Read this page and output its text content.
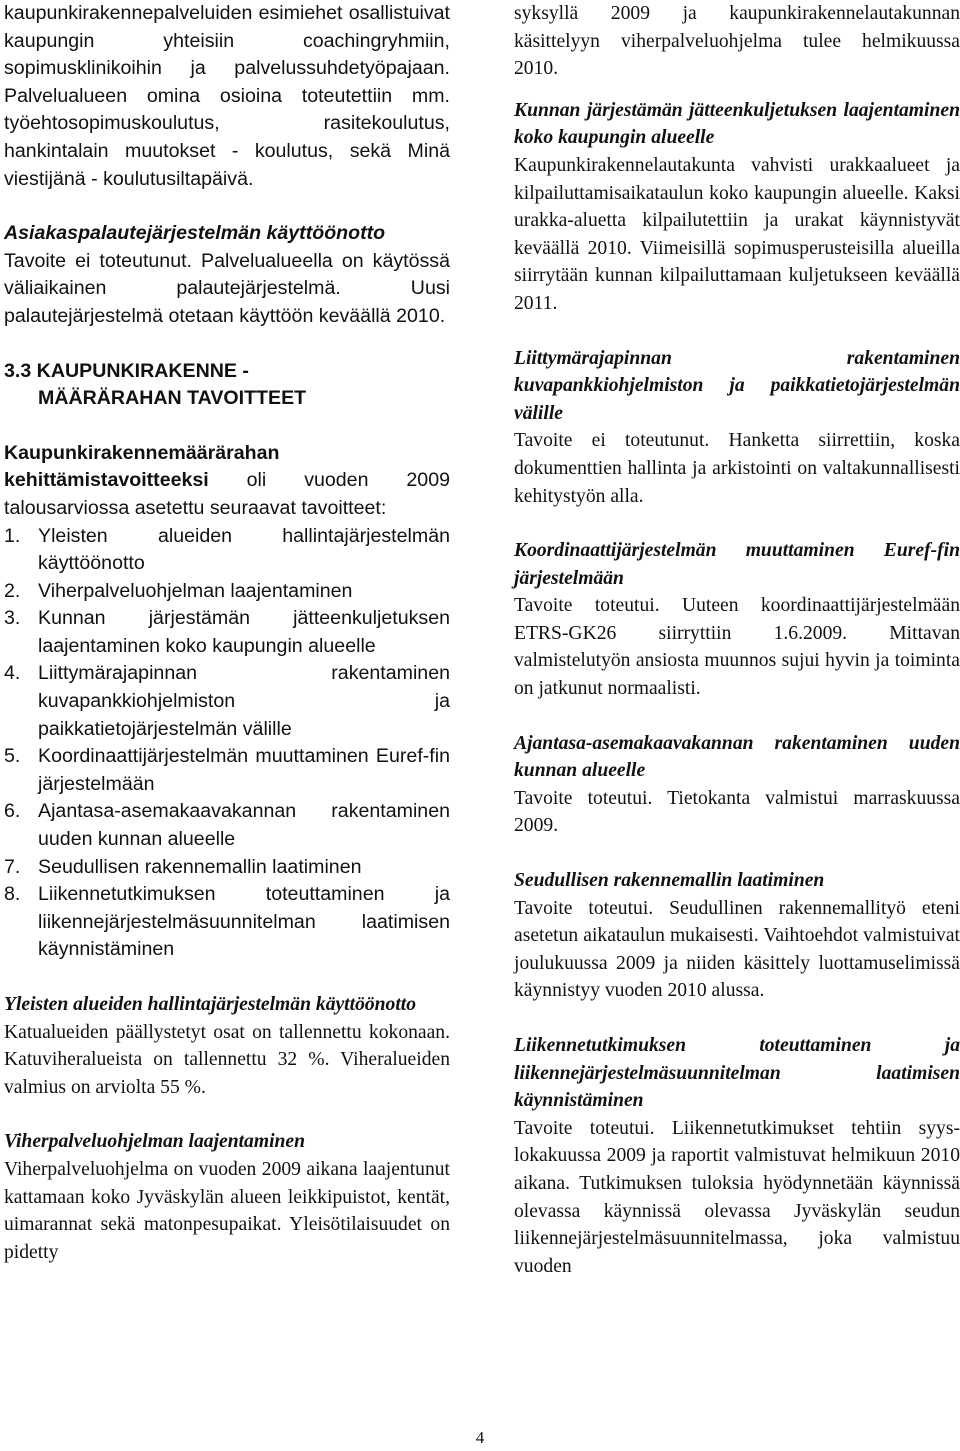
kaupunkirakennepalveluiden esimiehet osallistuivat kaupungin yhteisiin coachingryhmiin, sopimusklinikoihin ja palvelussuhdetyöpajaan. Palvelualueen omina osioina toteutettiin mm. työehtosopimuskoulutus, rasitekoulutus, hankintalain muutokset - koulutus, sekä Minä viestijänä - koulutusiltapäivä.

Asiakaspalautejärjestelmän käyttöönotto

Tavoite ei toteutunut. Palvelualueella on käytössä väliaikainen palautejärjestelmä. Uusi palautejärjestelmä otetaan käyttöön keväällä 2010.

3.3 KAUPUNKIRAKENNE -
MÄÄRÄRAHAN TAVOITTEET

Kaupunkirakennemäärärahan kehittämistavoitteeksi oli vuoden 2009 talousarviossa asetettu seuraavat tavoitteet:

1. Yleisten alueiden hallintajärjestelmän käyttöönotto
2. Viherpalveluohjelman laajentaminen
3. Kunnan järjestämän jätteenkuljetuksen laajentaminen koko kaupungin alueelle
4. Liittymärajapinnan rakentaminen kuvapankkiohjelmiston ja paikkatietojärjestelmän välille
5. Koordinaattijärjestelmän muuttaminen Euref-fin järjestelmään
6. Ajantasa-asemakaavakannan rakentaminen uuden kunnan alueelle
7. Seudullisen rakennemallin laatiminen
8. Liikennetutkimuksen toteuttaminen ja liikennejärjestelmäsuunnitelman laatimisen käynnistäminen

Yleisten alueiden hallintajärjestelmän käyttöönotto

Katualueiden päällystetyt osat on tallennettu kokonaan. Katuviheralueista on tallennettu 32 %. Viheralueiden valmius on arviolta 55 %.

Viherpalveluohjelman laajentaminen

Viherpalveluohjelma on vuoden 2009 aikana laajentunut kattamaan koko Jyväskylän alueen leikkipuistot, kentät, uimarannat sekä matonpesupaikat. Yleisötilaisuudet on pidetty

syksyllä 2009 ja kaupunkirakennelautakunnan käsittelyyn viherpalveluohjelma tulee helmikuussa 2010.

Kunnan järjestämän jätteenkuljetuksen laajentaminen koko kaupungin alueelle

Kaupunkirakennelautakunta vahvisti urakkaalueet ja kilpailuttamisaikataulun koko kaupungin alueelle. Kaksi urakka-aluetta kilpailutettiin ja urakat käynnistyvät keväällä 2010. Viimeisillä sopimusperusteisilla alueilla siirrytään kunnan kilpailuttamaan kuljetukseen keväällä 2011.

Liittymärajapinnan rakentaminen kuvapankkiohjelmiston ja paikkatietojärjestelmän välille

Tavoite ei toteutunut. Hanketta siirrettiin, koska dokumenttien hallinta ja arkistointi on valtakunnallisesti kehitystyön alla.

Koordinaattijärjestelmän muuttaminen Euref-fin järjestelmään

Tavoite toteutui. Uuteen koordinaattijärjestelmään ETRS-GK26 siirryttiin 1.6.2009. Mittavan valmistelutyön ansiosta muunnos sujui hyvin ja toiminta on jatkunut normaalisti.

Ajantasa-asemakaavakannan rakentaminen uuden kunnan alueelle

Tavoite toteutui. Tietokanta valmistui marraskuussa 2009.

Seudullisen rakennemallin laatiminen

Tavoite toteutui. Seudullinen rakennemallityö eteni asetetun aikataulun mukaisesti. Vaihtoehdot valmistuivat joulukuussa 2009 ja niiden käsittely luottamuselimissä käynnistyy vuoden 2010 alussa.

Liikennetutkimuksen toteuttaminen ja liikennejärjestelmäsuunnitelman laatimisen käynnistäminen

Tavoite toteutui. Liikennetutkimukset tehtiin syys- lokakuussa 2009 ja raportit valmistuvat helmikuun 2010 aikana. Tutkimuksen tuloksia hyödynnetään käynnissä olevassa käynnissä olevassa Jyväskylän seudun liikennejärjestelmäsuunnitelmassa, joka valmistuu vuoden

4
